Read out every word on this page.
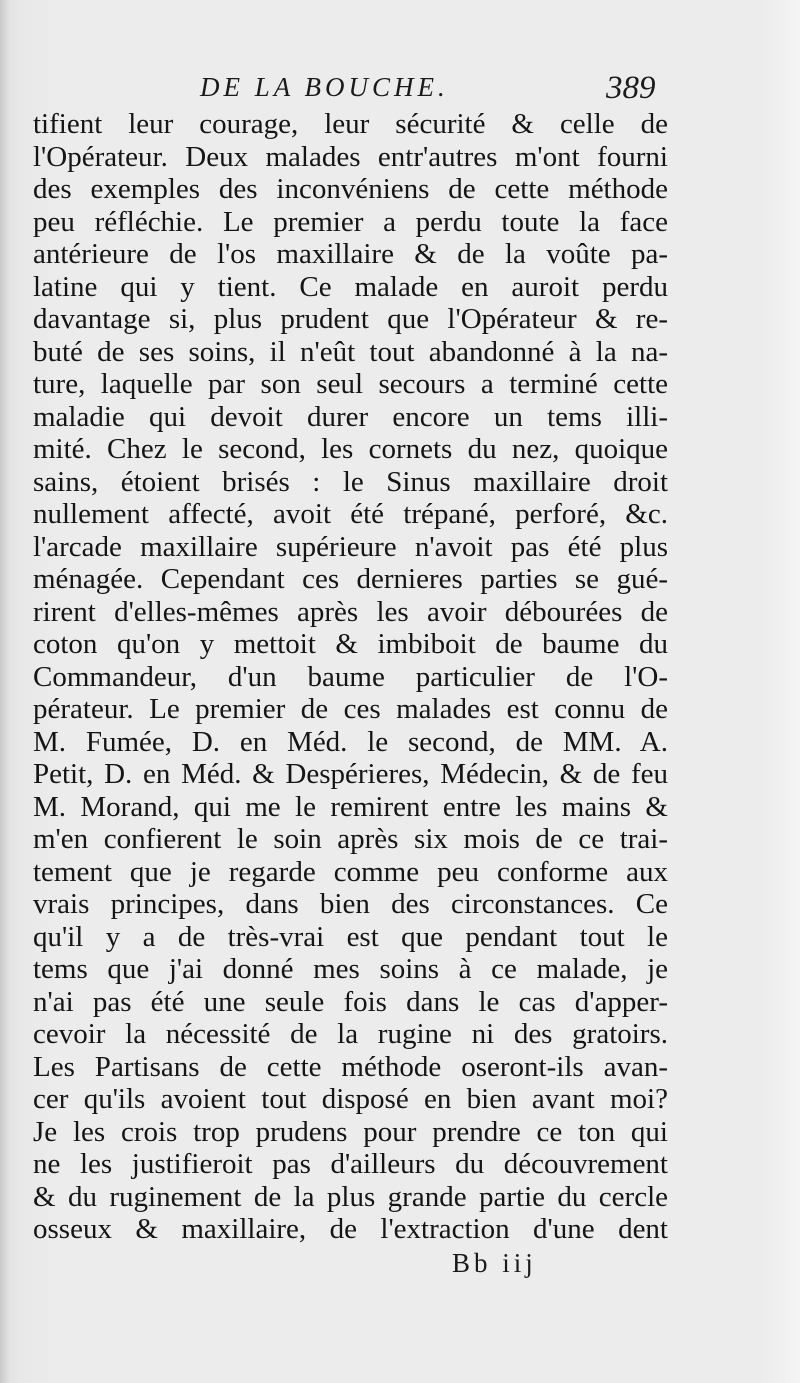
DE LA BOUCHE.	389
tifient leur courage, leur sécurité & celle de
l'Opérateur. Deux malades entr'autres m'ont fourni
des exemples des inconvéniens de cette méthode
peu réfléchie. Le premier a perdu toute la face
antérieure de l'os maxillaire & de la voûte pa-
latine qui y tient. Ce malade en auroit perdu
davantage si, plus prudent que l'Opérateur & re-
buté de ses soins, il n'eût tout abandonné à la na-
ture, laquelle par son seul secours a terminé cette
maladie qui devoit durer encore un tems illi-
mité. Chez le second, les cornets du nez, quoique
sains, étoient brisés : le Sinus maxillaire droit
nullement affecté, avoit été trépané, perforé, &c.
l'arcade maxillaire supérieure n'avoit pas été plus
ménagée. Cependant ces dernieres parties se gué-
rirent d'elles-mêmes après les avoir débourées de
coton qu'on y mettoit & imbiboit de baume du
Commandeur, d'un baume particulier de l'O-
pérateur. Le premier de ces malades est connu de
M. Fumée, D. en Méd. le second, de MM. A.
Petit, D. en Méd. & Despérieres, Médecin, & de feu
M. Morand, qui me le remirent entre les mains &
m'en confierent le soin après six mois de ce trai-
tement que je regarde comme peu conforme aux
vrais principes, dans bien des circonstances. Ce
qu'il y a de très-vrai est que pendant tout le
tems que j'ai donné mes soins à ce malade, je
n'ai pas été une seule fois dans le cas d'apper-
cevoir la nécessité de la rugine ni des gratoirs.
Les Partisans de cette méthode oseront-ils avan-
cer qu'ils avoient tout disposé en bien avant moi?
Je les crois trop prudens pour prendre ce ton qui
ne les justifieroit pas d'ailleurs du découvrement
& du ruginement de la plus grande partie du cercle
osseux & maxillaire, de l'extraction d'une dent
Bb iij
